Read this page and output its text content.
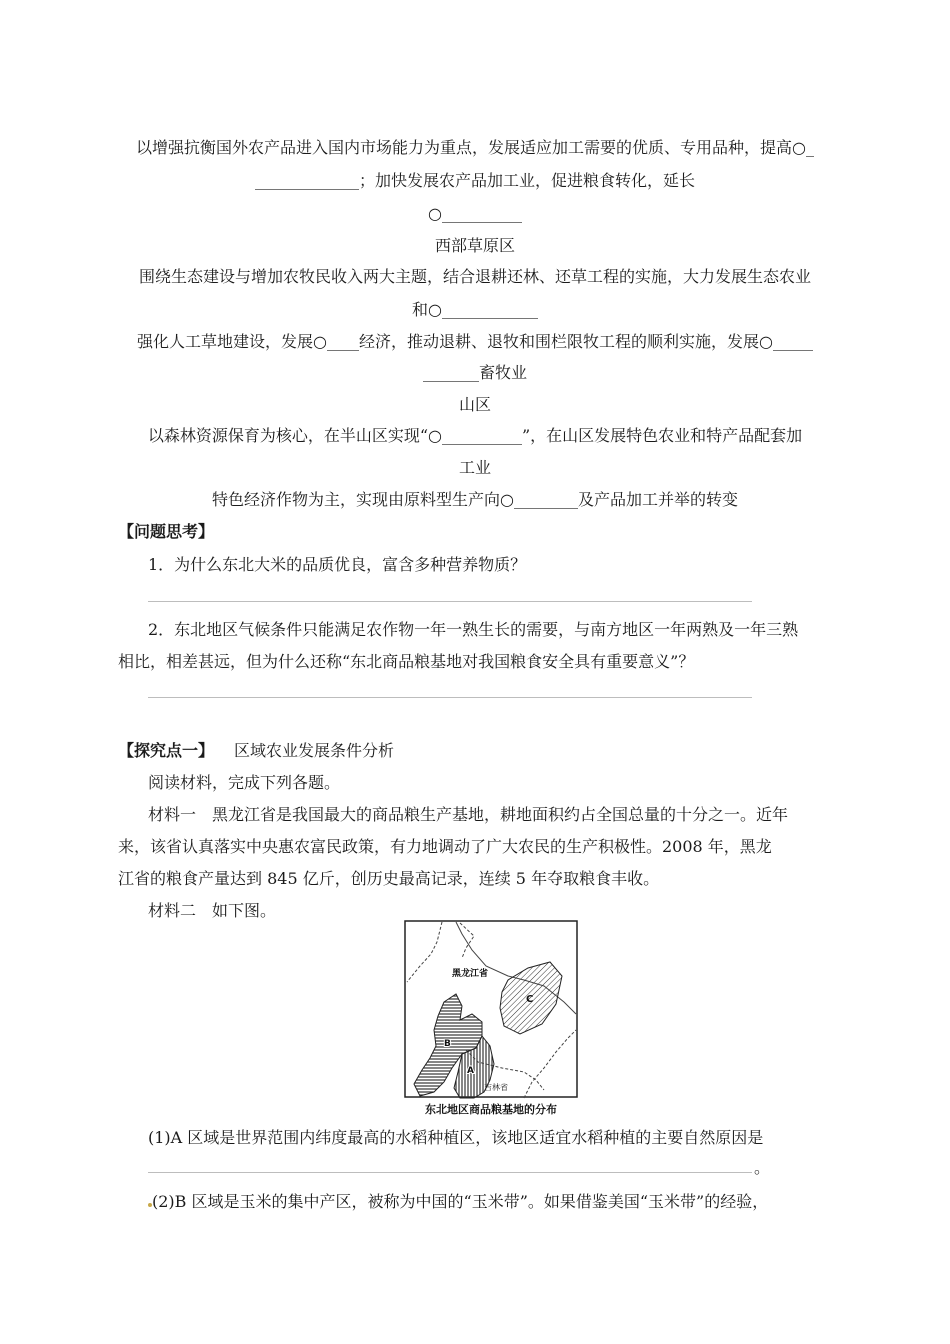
以增强抗衡国外农产品进入国内市场能力为重点，发展适应加工需要的优质、专用品种，提高○_
_____________；加快发展农产品加工业，促进粮食转化，延长
○__________
西部草原区
围绕生态建设与增加农牧民收入两大主题，结合退耕还林、还草工程的实施，大力发展生态农业
和○____________
强化人工草地建设，发展○____经济，推动退耕、退牧和围栏限牧工程的顺利实施，发展○_____
_______畜牧业
山区
以森林资源保育为核心，在半山区实现“○__________”，在山区发展特色农业和特产品配套加
工业
特色经济作物为主，实现由原料型生产向○________及产品加工并举的转变
【问题思考】
1．为什么东北大米的品质优良，富含多种营养物质？
2．东北地区气候条件只能满足农作物一年一熟生长的需要，与南方地区一年两熟及一年三熟
相比，相差甚远，但为什么还称“东北商品粮基地对我国粮食安全具有重要意义”？
【探究点一】 区域农业发展条件分析
阅读材料，完成下列各题。
材料一　黑龙江省是我国最大的商品粮生产基地，耕地面积约占全国总量的十分之一。近年
来，该省认真落实中央惠农富民政策，有力地调动了广大农民的生产积极性。2008 年，黑龙
江省的粮食产量达到 845 亿斤，创历史最高记录，连续 5 年夺取粮食丰收。
材料二　如下图。
黑龙江省
吉林省
C
B
A
东北地区商品粮基地的分布
(1)A 区域是世界范围内纬度最高的水稻种植区，该地区适宜水稻种植的主要自然原因是
。
(2)B 区域是玉米的集中产区，被称为中国的“玉米带”。如果借鉴美国“玉米带”的经验，
